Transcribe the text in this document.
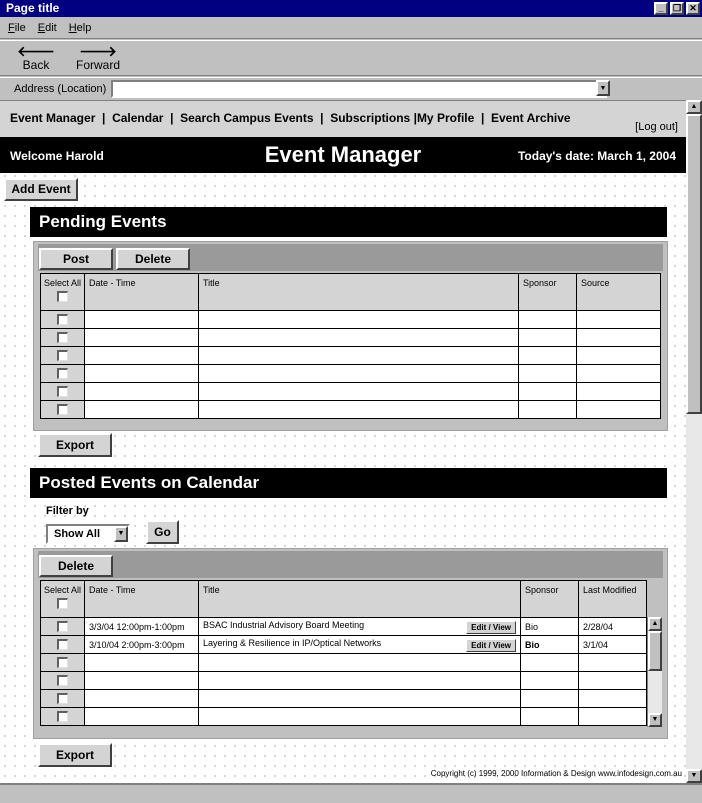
Page title	_	❐ ✕
File Edit Help
🡐
Back
🡒
Forward
Address (Location)	▼
Event Manager  |  Calendar  |  Search Campus Events  |  Subscriptions |My Profile  |  Event Archive
[Log out]
Welcome Harold	Event Manager	Today's date: March 1, 2004
Add Event
Pending Events
Post	Delete
Select All	Date - Time	Title	Sponsor	Source

Export
Posted Events on Calendar
Filter by
Show All	▼	Go
Delete
Select All	Date - Time	Title	Sponsor	Last Modified
	3/3/04 12:00pm-1:00pm	BSAC Industrial Advisory Board Meeting Edit / View	Bio	2/28/04
	3/10/04 2:00pm-3:00pm	Layering & Resilience in IP/Optical Networks Edit / View	Bio	3/1/04

▲
▼
Export
Copyright (c) 1999, 2000 Information & Design www.infodesign.com.au
▲
▼
